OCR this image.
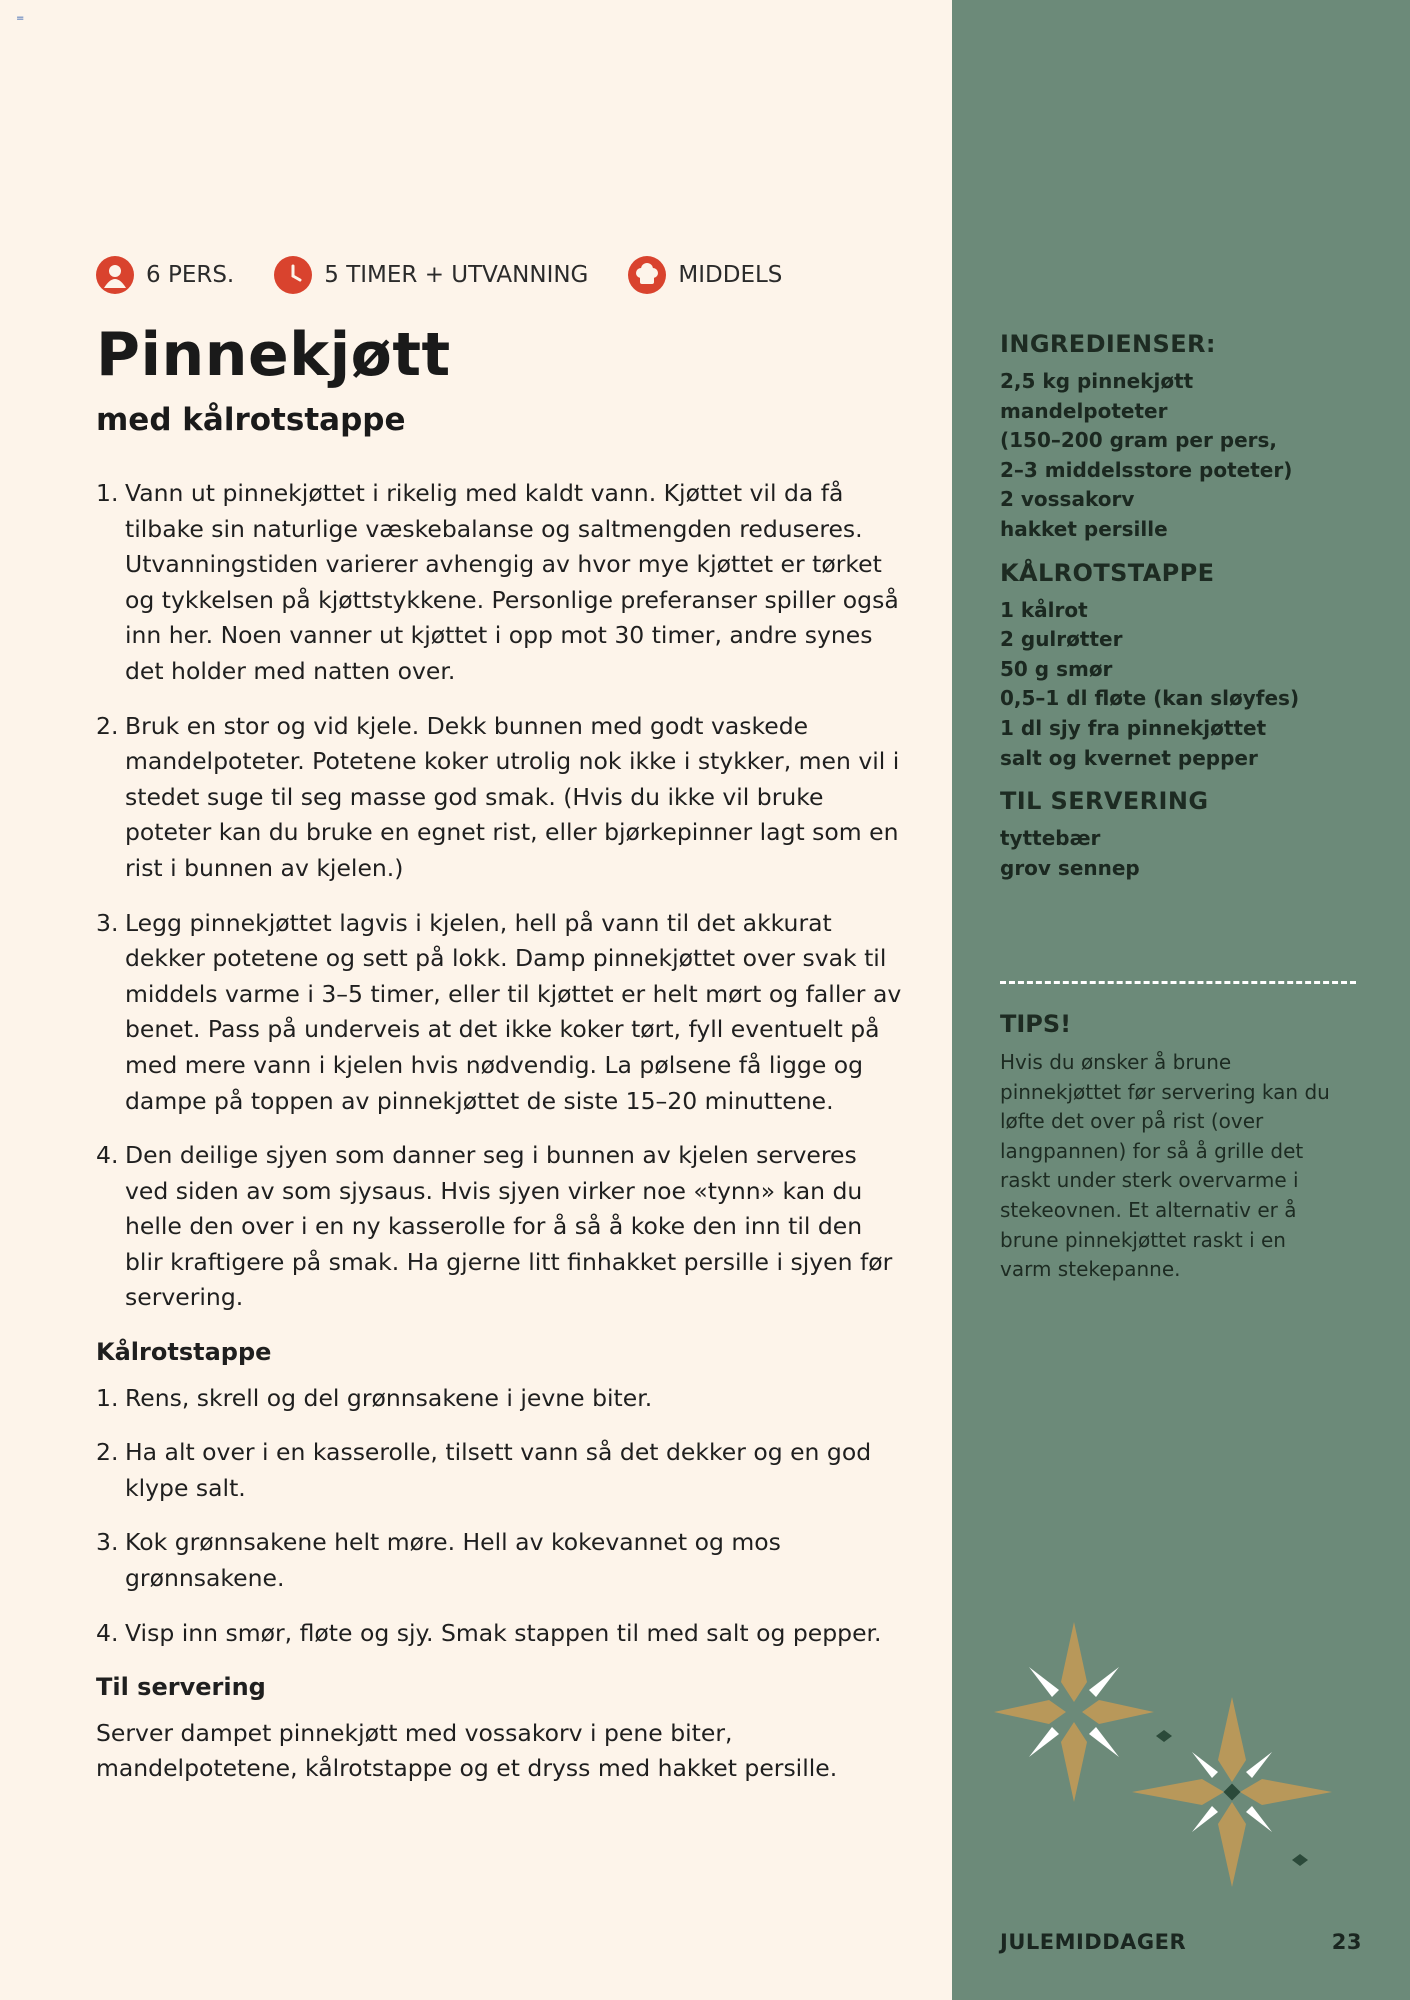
=
6 PERS.	5 TIMER + UTVANNING	MIDDELS
Pinnekjøtt
med kålrotstappe
1. Vann ut pinnekjøttet i rikelig med kaldt vann. Kjøttet vil da få tilbake sin naturlige væskebalanse og saltmengden reduseres. Utvanningstiden varierer avhengig av hvor mye kjøttet er tørket og tykkelsen på kjøttstykkene. Personlige preferanser spiller også inn her. Noen vanner ut kjøttet i opp mot 30 timer, andre synes det holder med natten over.
2. Bruk en stor og vid kjele. Dekk bunnen med godt vaskede mandelpoteter. Potetene koker utrolig nok ikke i stykker, men vil i stedet suge til seg masse god smak. (Hvis du ikke vil bruke poteter kan du bruke en egnet rist, eller bjørkepinner lagt som en rist i bunnen av kjelen.)
3. Legg pinnekjøttet lagvis i kjelen, hell på vann til det akkurat dekker potetene og sett på lokk. Damp pinnekjøttet over svak til middels varme i 3–5 timer, eller til kjøttet er helt mørt og faller av benet. Pass på underveis at det ikke koker tørt, fyll eventuelt på med mere vann i kjelen hvis nødvendig. La pølsene få ligge og dampe på toppen av pinnekjøttet de siste 15–20 minuttene.
4. Den deilige sjyen som danner seg i bunnen av kjelen serveres ved siden av som sjysaus. Hvis sjyen virker noe «tynn» kan du helle den over i en ny kasserolle for å så å koke den inn til den blir kraftigere på smak. Ha gjerne litt finhakket persille i sjyen før servering.
Kålrotstappe
1. Rens, skrell og del grønnsakene i jevne biter.
2. Ha alt over i en kasserolle, tilsett vann så det dekker og en god klype salt.
3. Kok grønnsakene helt møre. Hell av kokevannet og mos grønnsakene.
4. Visp inn smør, fløte og sjy. Smak stappen til med salt og pepper.
Til servering

Server dampet pinnekjøtt med vossakorv i pene biter, mandelpotetene, kålrotstappe og et dryss med hakket persille.

INGREDIENSER:
2,5 kg pinnekjøtt
mandelpoteter
(150–200 gram per pers,
2–3 middelsstore poteter)
2 vossakorv
hakket persille
KÅLROTSTAPPE
1 kålrot
2 gulrøtter
50 g smør
0,5–1 dl fløte (kan sløyfes)
1 dl sjy fra pinnekjøttet
salt og kvernet pepper
TIL SERVERING
tyttebær
grov sennep
TIPS!

Hvis du ønsker å brune pinnekjøttet før servering kan du løfte det over på rist (over langpannen) for så å grille det raskt under sterk overvarme i stekeovnen. Et alternativ er å brune pinnekjøttet raskt i en varm stekepanne.

JULEMIDDAGER	23
